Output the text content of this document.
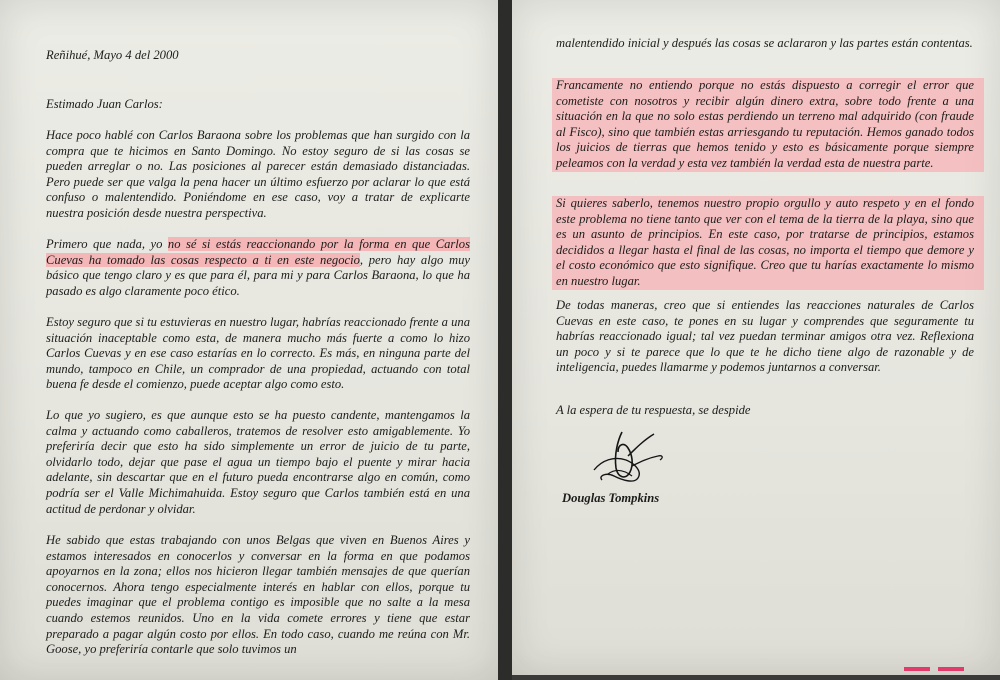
Reñihué, Mayo 4 del 2000
Estimado Juan Carlos:

Hace poco hablé con Carlos Baraona sobre los problemas que han surgido con la compra que te hicimos en Santo Domingo. No estoy seguro de si las cosas se pueden arreglar o no. Las posiciones al parecer están demasiado distanciadas. Pero puede ser que valga la pena hacer un último esfuerzo por aclarar lo que está confuso o malentendido. Poniéndome en ese caso, voy a tratar de explicarte nuestra posición desde nuestra perspectiva.

Primero que nada, yo no sé si estás reaccionando por la forma en que Carlos Cuevas ha tomado las cosas respecto a ti en este negocio, pero hay algo muy básico que tengo claro y es que para él, para mi y para Carlos Baraona, lo que ha pasado es algo claramente poco ético.

Estoy seguro que si tu estuvieras en nuestro lugar, habrías reaccionado frente a una situación inaceptable como esta, de manera mucho más fuerte a como lo hizo Carlos Cuevas y en ese caso estarías en lo correcto. Es más, en ninguna parte del mundo, tampoco en Chile, un comprador de una propiedad, actuando con total buena fe desde el comienzo, puede aceptar algo como esto.

Lo que yo sugiero, es que aunque esto se ha puesto candente, mantengamos la calma y actuando como caballeros, tratemos de resolver esto amigablemente. Yo preferiría decir que esto ha sido simplemente un error de juicio de tu parte, olvidarlo todo, dejar que pase el agua un tiempo bajo el puente y mirar hacia adelante, sin descartar que en el futuro pueda encontrarse algo en común, como podría ser el Valle Michimahuida. Estoy seguro que Carlos también está en una actitud de perdonar y olvidar.

He sabido que estas trabajando con unos Belgas que viven en Buenos Aires y estamos interesados en conocerlos y conversar en la forma en que podamos apoyarnos en la zona; ellos nos hicieron llegar también mensajes de que querían conocernos. Ahora tengo especialmente interés en hablar con ellos, porque tu puedes imaginar que el problema contigo es imposible que no salte a la mesa cuando estemos reunidos. Uno en la vida comete errores y tiene que estar preparado a pagar algún costo por ellos. En todo caso, cuando me reúna con Mr. Goose, yo preferiría contarle que solo tuvimos un

malentendido inicial y después las cosas se aclararon y las partes están contentas.

Francamente no entiendo porque no estás dispuesto a corregir el error que cometiste con nosotros y recibir algún dinero extra, sobre todo frente a una situación en la que no solo estas perdiendo un terreno mal adquirido (con fraude al Fisco), sino que también estas arriesgando tu reputación. Hemos ganado todos los juicios de tierras que hemos tenido y esto es básicamente porque siempre peleamos con la verdad y esta vez también la verdad esta de nuestra parte.

Si quieres saberlo, tenemos nuestro propio orgullo y auto respeto y en el fondo este problema no tiene tanto que ver con el tema de la tierra de la playa, sino que es un asunto de principios. En este caso, por tratarse de principios, estamos decididos a llegar hasta el final de las cosas, no importa el tiempo que demore y el costo económico que esto signifique. Creo que tu harías exactamente lo mismo en nuestro lugar.

De todas maneras, creo que si entiendes las reacciones naturales de Carlos Cuevas en este caso, te pones en su lugar y comprendes que seguramente tu habrías reaccionado igual; tal vez puedan terminar amigos otra vez. Reflexiona un poco y si te parece que lo que te he dicho tiene algo de razonable y de inteligencia, puedes llamarme y podemos juntarnos a conversar.

A la espera de tu respuesta, se despide
Douglas Tompkins
